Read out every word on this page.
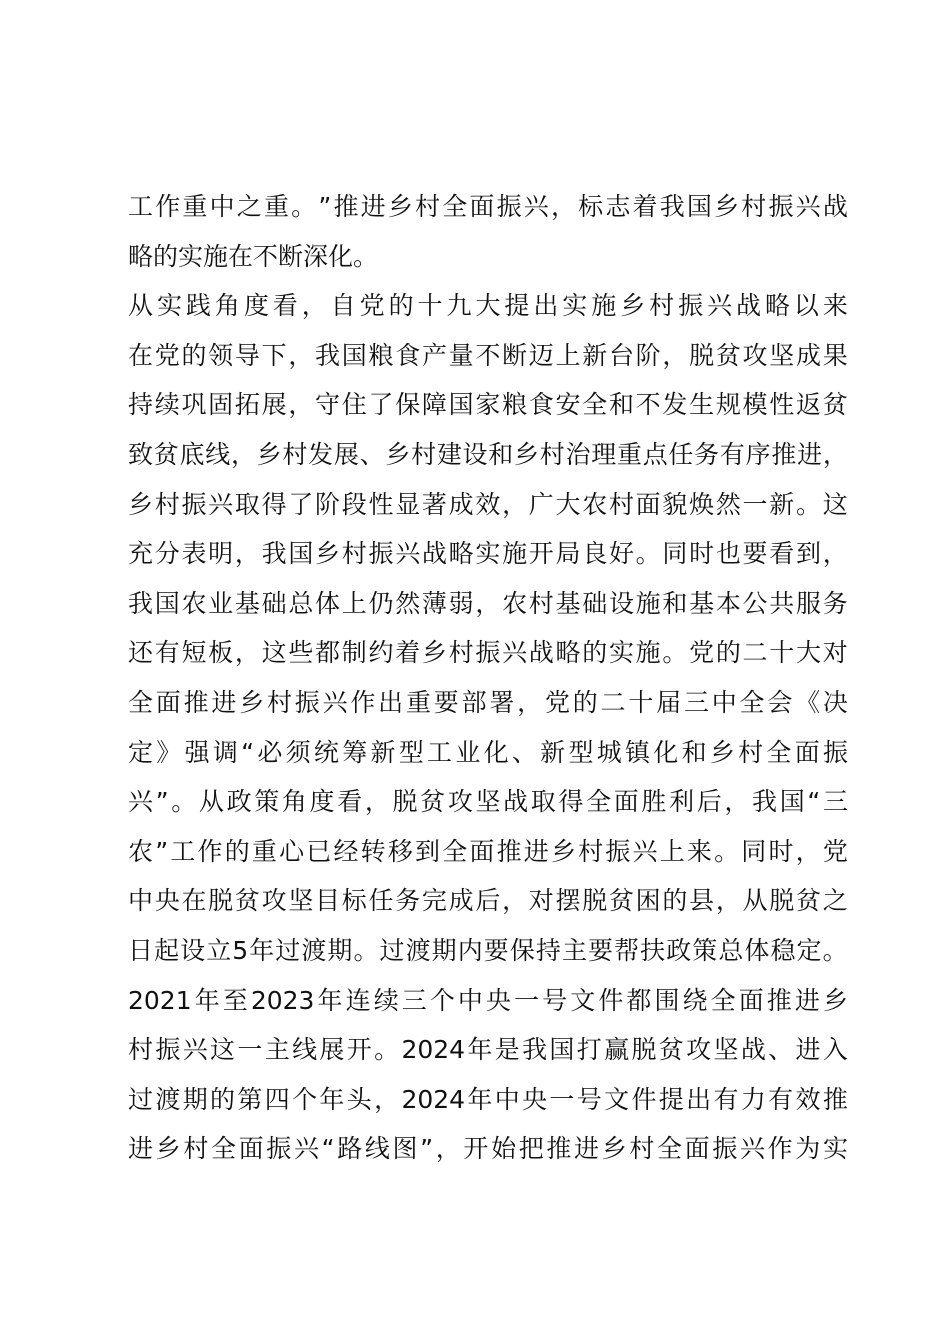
工 作 重 中 之 重 。 ” 推 进 乡 村 全 面 振 兴 ， 标 志 着 我 国 乡 村 振 兴 战
略的实施在不断深化。
从 实 践 角 度 看 ， 自 党 的 十 九 大 提 出 实 施 乡 村 振 兴 战 略 以 来
在 党 的 领 导 下 ， 我 国 粮 食 产 量 不 断 迈 上 新 台 阶 ， 脱 贫 攻 坚 成 果
持 续 巩 固 拓 展 ， 守 住 了 保 障 国 家 粮 食 安 全 和 不 发 生 规 模 性 返 贫
致 贫 底 线 ， 乡 村 发 展 、 乡 村 建 设 和 乡 村 治 理 重 点 任 务 有 序 推 进 ，
乡 村 振 兴 取 得 了 阶 段 性 显 著 成 效 ， 广 大 农 村 面 貌 焕 然 一 新 。 这
充 分 表 明 ， 我 国 乡 村 振 兴 战 略 实 施 开 局 良 好 。 同 时 也 要 看 到 ，
我 国 农 业 基 础 总 体 上 仍 然 薄 弱 ， 农 村 基 础 设 施 和 基 本 公 共 服 务
还 有 短 板 ， 这 些 都 制 约 着 乡 村 振 兴 战 略 的 实 施 。 党 的 二 十 大 对
全 面 推 进 乡 村 振 兴 作 出 重 要 部 署 ， 党 的 二 十 届 三 中 全 会 《 决
定 》 强 调 “ 必 须 统 筹 新 型 工 业 化 、 新 型 城 镇 化 和 乡 村 全 面 振
兴 ” 。 从 政 策 角 度 看 ， 脱 贫 攻 坚 战 取 得 全 面 胜 利 后 ， 我 国 “ 三
农 ” 工 作 的 重 心 已 经 转 移 到 全 面 推 进 乡 村 振 兴 上 来 。 同 时 ， 党
中 央 在 脱 贫 攻 坚 目 标 任 务 完 成 后 ， 对 摆 脱 贫 困 的 县 ， 从 脱 贫 之
日 起 设 立 5 年 过 渡 期 。 过 渡 期 内 要 保 持 主 要 帮 扶 政 策 总 体 稳 定 。
2021 年 至 2023 年 连 续 三 个 中 央 一 号 文 件 都 围 绕 全 面 推 进 乡
村 振 兴 这 一 主 线 展 开 。 2024 年 是 我 国 打 赢 脱 贫 攻 坚 战 、 进 入
过 渡 期 的 第 四 个 年 头 ， 2024 年 中 央 一 号 文 件 提 出 有 力 有 效 推
进 乡 村 全 面 振 兴 “ 路 线 图 ” ， 开 始 把 推 进 乡 村 全 面 振 兴 作 为 实
